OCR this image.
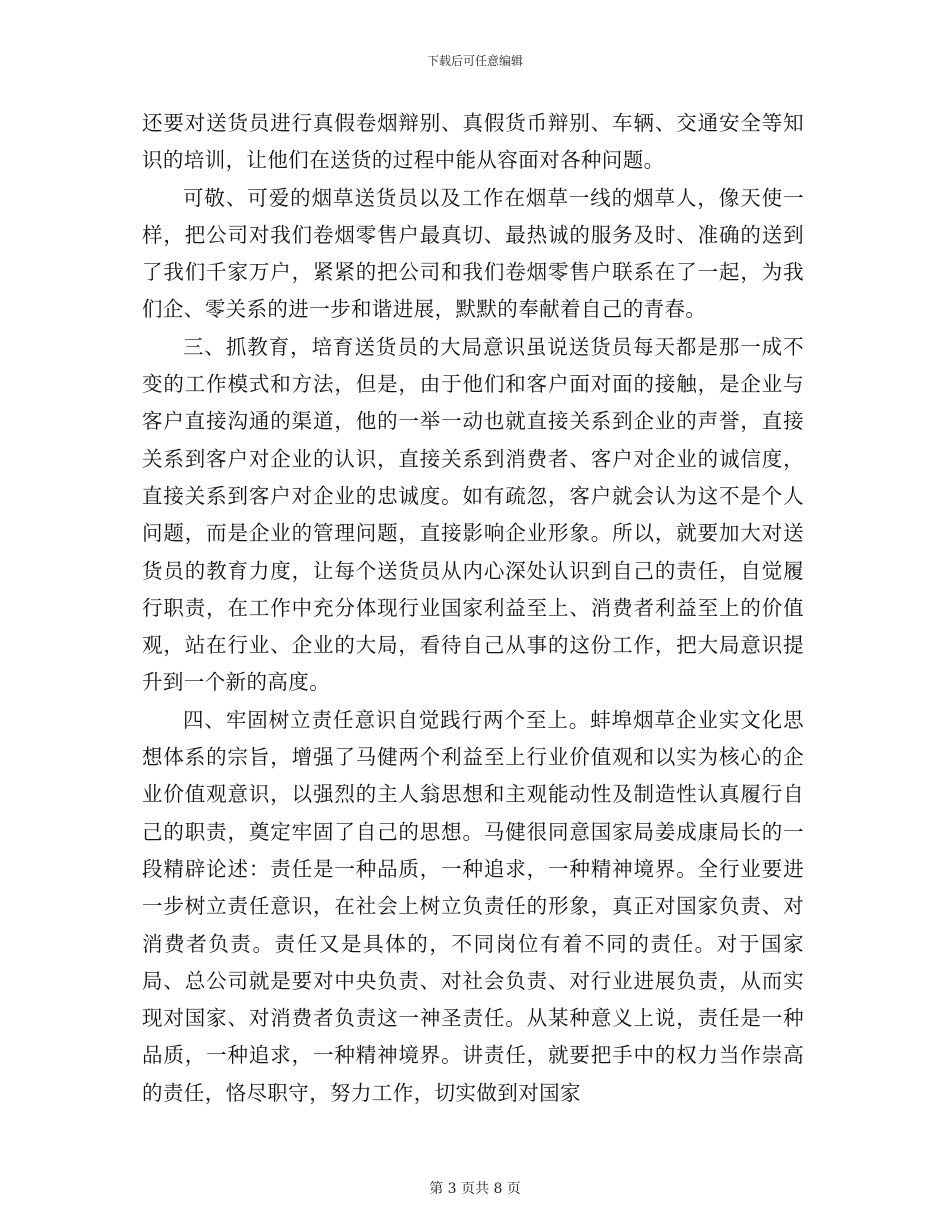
下载后可任意编辑

还要对送货员进行真假卷烟辩别、真假货币辩别、车辆、交通安全等知识的培训，让他们在送货的过程中能从容面对各种问题。

可敬、可爱的烟草送货员以及工作在烟草一线的烟草人，像天使一样，把公司对我们卷烟零售户最真切、最热诚的服务及时、准确的送到了我们千家万户，紧紧的把公司和我们卷烟零售户联系在了一起，为我们企、零关系的进一步和谐进展，默默的奉献着自己的青春。

三、抓教育，培育送货员的大局意识虽说送货员每天都是那一成不变的工作模式和方法，但是，由于他们和客户面对面的接触，是企业与客户直接沟通的渠道，他的一举一动也就直接关系到企业的声誉，直接关系到客户对企业的认识，直接关系到消费者、客户对企业的诚信度，直接关系到客户对企业的忠诚度。如有疏忽，客户就会认为这不是个人问题，而是企业的管理问题，直接影响企业形象。所以，就要加大对送货员的教育力度，让每个送货员从内心深处认识到自己的责任，自觉履行职责，在工作中充分体现行业国家利益至上、消费者利益至上的价值观，站在行业、企业的大局，看待自己从事的这份工作，把大局意识提升到一个新的高度。

四、牢固树立责任意识自觉践行两个至上。蚌埠烟草企业实文化思想体系的宗旨，增强了马健两个利益至上行业价值观和以实为核心的企业价值观意识，以强烈的主人翁思想和主观能动性及制造性认真履行自己的职责，奠定牢固了自己的思想。马健很同意国家局姜成康局长的一段精辟论述：责任是一种品质，一种追求，一种精神境界。全行业要进一步树立责任意识，在社会上树立负责任的形象，真正对国家负责、对消费者负责。责任又是具体的，不同岗位有着不同的责任。对于国家局、总公司就是要对中央负责、对社会负责、对行业进展负责，从而实现对国家、对消费者负责这一神圣责任。从某种意义上说，责任是一种品质，一种追求，一种精神境界。讲责任，就要把手中的权力当作崇高的责任，恪尽职守，努力工作，切实做到对国家

第 3 页共 8 页
